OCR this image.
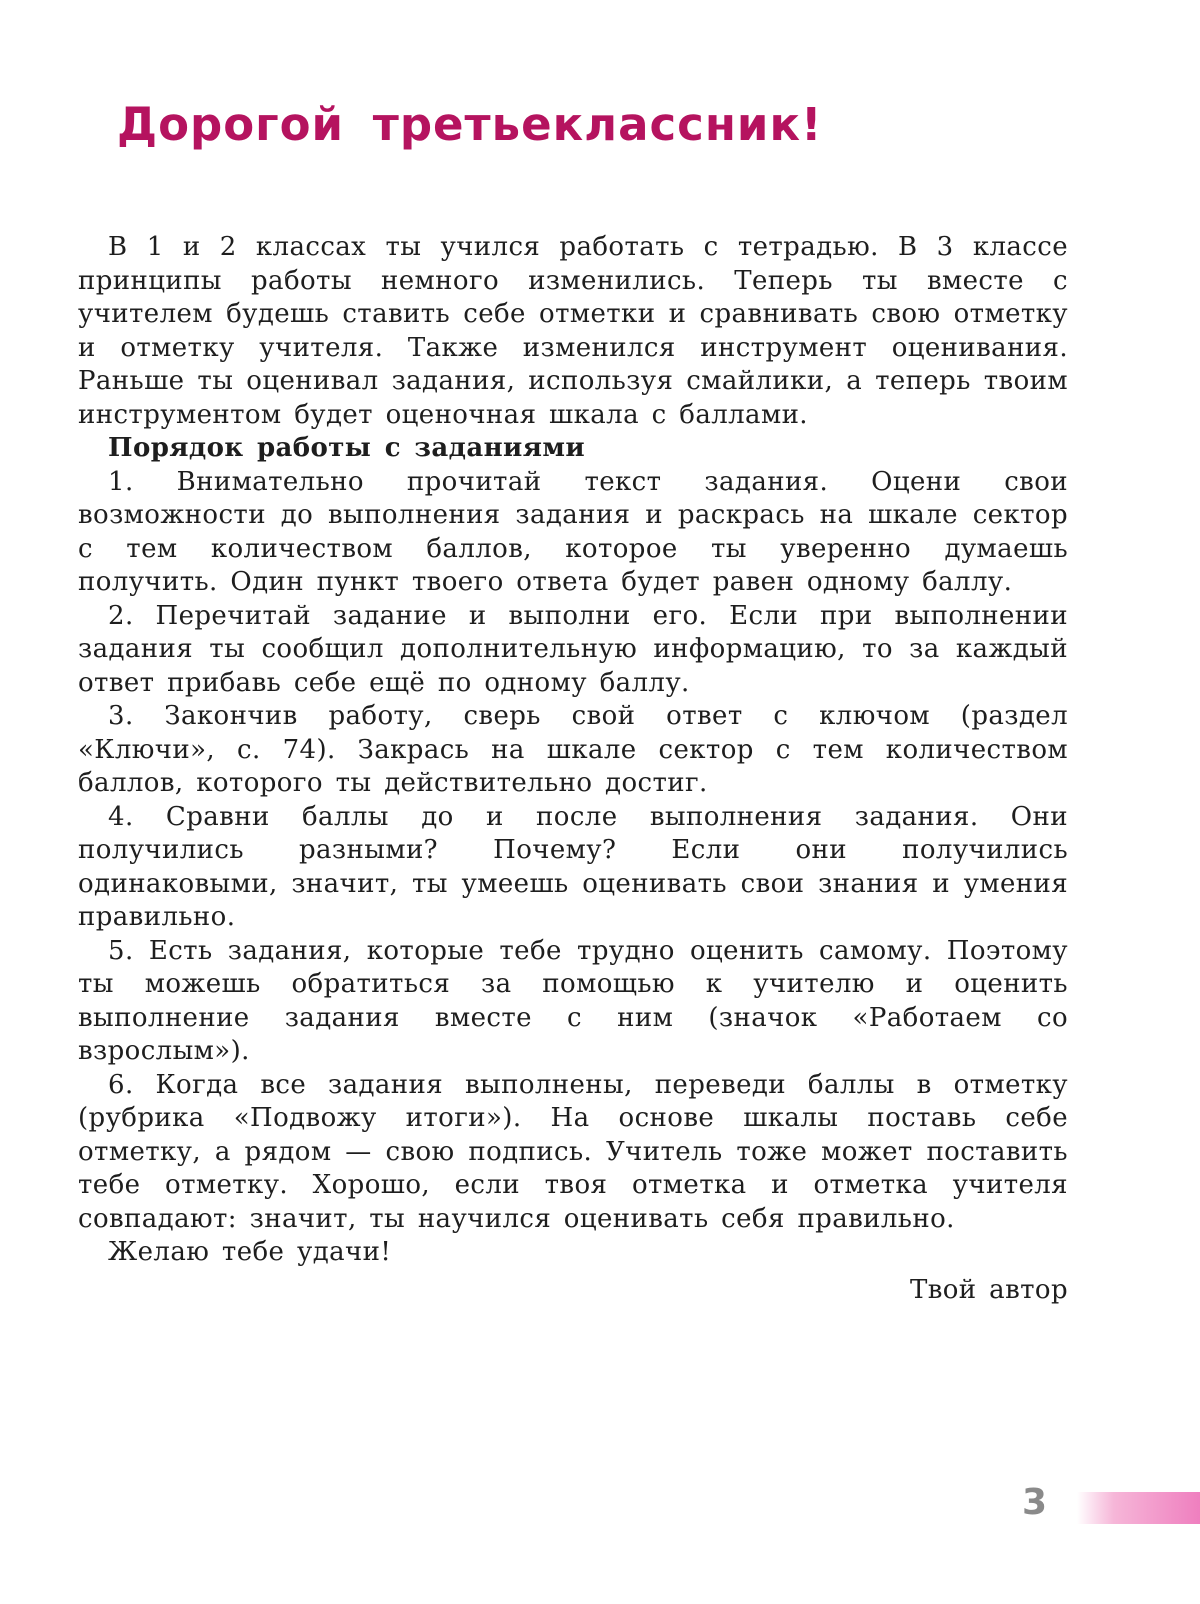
Дорогой третьеклассник!

В 1 и 2 классах ты учился работать с тетрадью. В 3 классе принципы работы немного изменились. Теперь ты вместе с учителем будешь ставить себе отметки и сравнивать свою отметку и отметку учителя. Также изменился инструмент оценивания. Раньше ты оценивал задания, используя смайлики, а теперь твоим инструментом будет оценочная шкала с баллами.

Порядок работы с заданиями

1. Внимательно прочитай текст задания. Оцени свои возможности до выполнения задания и раскрась на шкале сектор с тем количеством баллов, которое ты уверенно думаешь получить. Один пункт твоего ответа будет равен одному баллу.

2. Перечитай задание и выполни его. Если при выполнении задания ты сообщил дополнительную информацию, то за каждый ответ прибавь себе ещё по одному баллу.

3. Закончив работу, сверь свой ответ с ключом (раздел «Ключи», с. 74). Закрась на шкале сектор с тем количеством баллов, которого ты действительно достиг.

4. Сравни баллы до и после выполнения задания. Они получились разными? Почему? Если они получились одинаковыми, значит, ты умеешь оценивать свои знания и умения правильно.

5. Есть задания, которые тебе трудно оценить самому. Поэтому ты можешь обратиться за помощью к учителю и оценить выполнение задания вместе с ним (значок «Работаем со взрослым»).

6. Когда все задания выполнены, переведи баллы в отметку (рубрика «Подвожу итоги»). На основе шкалы поставь себе отметку, а рядом — свою подпись. Учитель тоже может поставить тебе отметку. Хорошо, если твоя отметка и отметка учителя совпадают: значит, ты научился оценивать себя правильно.

Желаю тебе удачи!

Твой автор

3
